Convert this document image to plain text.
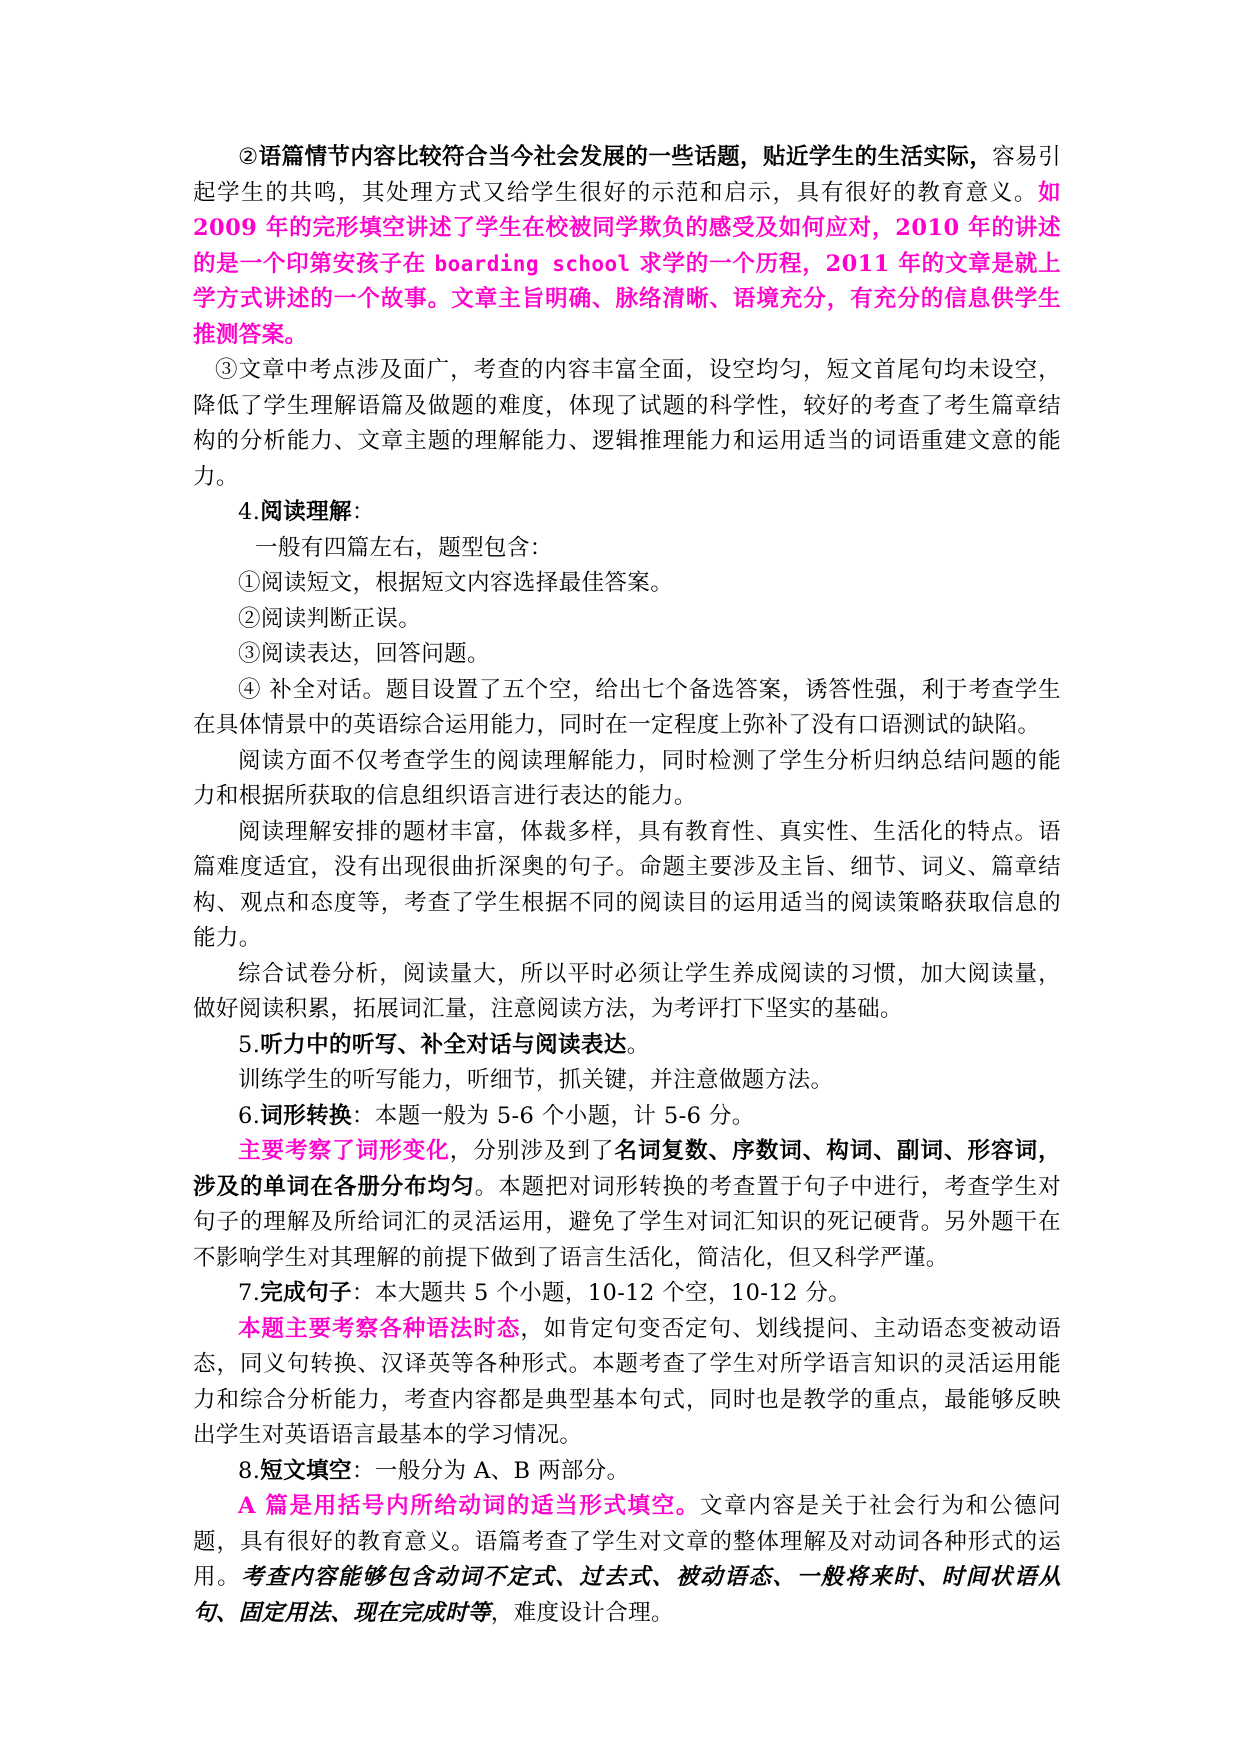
②语篇情节内容比较符合当今社会发展的一些话题，贴近学生的生活实际，容易引起学生的共鸣，其处理方式又给学生很好的示范和启示，具有很好的教育意义。如 2009 年的完形填空讲述了学生在校被同学欺负的感受及如何应对，2010 年的讲述的是一个印第安孩子在 boarding school 求学的一个历程，2011 年的文章是就上学方式讲述的一个故事。文章主旨明确、脉络清晰、语境充分，有充分的信息供学生推测答案。

③文章中考点涉及面广，考查的内容丰富全面，设空均匀，短文首尾句均未设空，降低了学生理解语篇及做题的难度，体现了试题的科学性，较好的考查了考生篇章结构的分析能力、文章主题的理解能力、逻辑推理能力和运用适当的词语重建文意的能力。

4.阅读理解：

一般有四篇左右，题型包含：

①阅读短文，根据短文内容选择最佳答案。

②阅读判断正误。

③阅读表达，回答问题。

④ 补全对话。题目设置了五个空，给出七个备选答案，诱答性强，利于考查学生在具体情景中的英语综合运用能力，同时在一定程度上弥补了没有口语测试的缺陷。

阅读方面不仅考查学生的阅读理解能力，同时检测了学生分析归纳总结问题的能力和根据所获取的信息组织语言进行表达的能力。

阅读理解安排的题材丰富，体裁多样，具有教育性、真实性、生活化的特点。语篇难度适宜，没有出现很曲折深奥的句子。命题主要涉及主旨、细节、词义、篇章结构、观点和态度等，考查了学生根据不同的阅读目的运用适当的阅读策略获取信息的能力。

综合试卷分析，阅读量大，所以平时必须让学生养成阅读的习惯，加大阅读量，做好阅读积累，拓展词汇量，注意阅读方法，为考评打下坚实的基础。

5.听力中的听写、补全对话与阅读表达。

训练学生的听写能力，听细节，抓关键，并注意做题方法。

6.词形转换：本题一般为 5-6 个小题，计 5-6 分。

主要考察了词形变化，分别涉及到了名词复数、序数词、构词、副词、形容词，涉及的单词在各册分布均匀。本题把对词形转换的考查置于句子中进行，考查学生对句子的理解及所给词汇的灵活运用，避免了学生对词汇知识的死记硬背。另外题干在不影响学生对其理解的前提下做到了语言生活化，简洁化，但又科学严谨。

7.完成句子：本大题共 5 个小题，10-12 个空，10-12 分。

本题主要考察各种语法时态，如肯定句变否定句、划线提问、主动语态变被动语态，同义句转换、汉译英等各种形式。本题考查了学生对所学语言知识的灵活运用能力和综合分析能力，考查内容都是典型基本句式，同时也是教学的重点，最能够反映出学生对英语语言最基本的学习情况。

8.短文填空：一般分为 A、B 两部分。

A 篇是用括号内所给动词的适当形式填空。文章内容是关于社会行为和公德问题，具有很好的教育意义。语篇考查了学生对文章的整体理解及对动词各种形式的运用。考查内容能够包含动词不定式、过去式、被动语态、一般将来时、时间状语从句、固定用法、现在完成时等，难度设计合理。
